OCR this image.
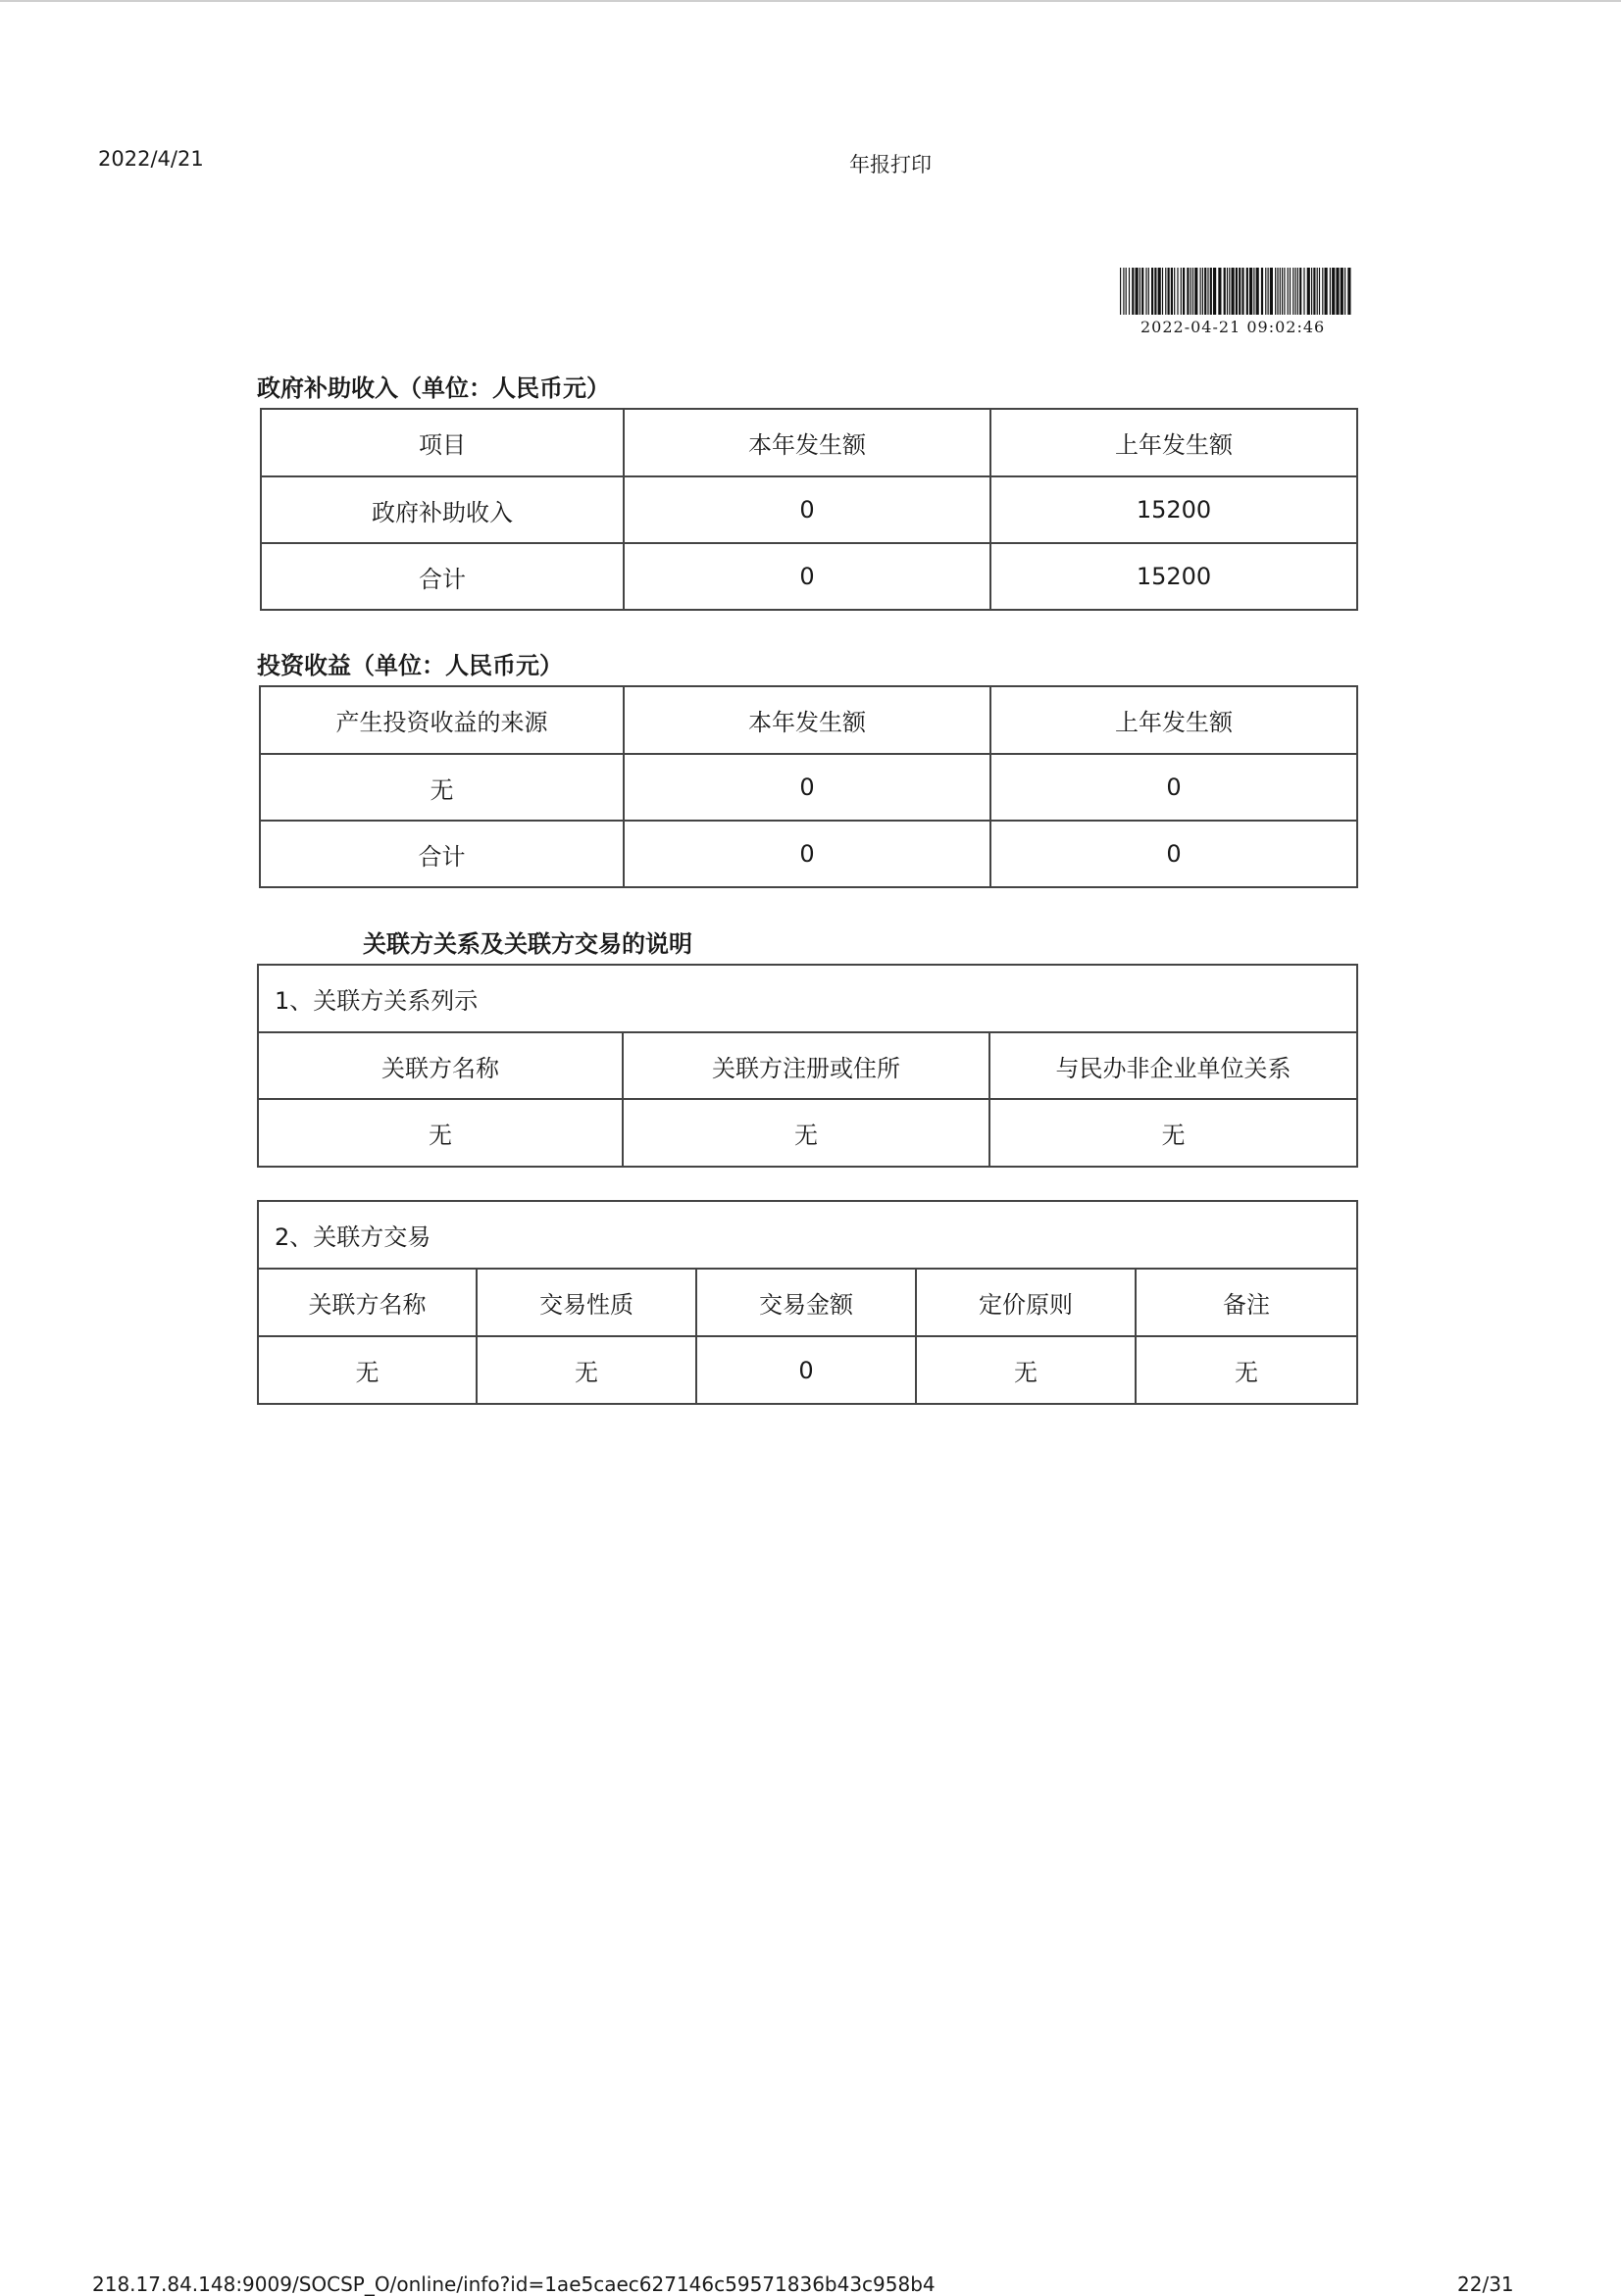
2022/4/21	年报打印
2022-04-21 09:02:46
政府补助收入（单位：人民币元）
项目	本年发生额	上年发生额
政府补助收入	0	15200
合计	0	15200
投资收益（单位：人民币元）
产生投资收益的来源	本年发生额	上年发生额
无	0	0
合计	0	0
关联方关系及关联方交易的说明
1、关联方关系列示		
关联方名称	关联方注册或住所	与民办非企业单位关系
无	无	无
2、关联方交易				
关联方名称	交易性质	交易金额	定价原则	备注
无	无	0	无	无
218.17.84.148:9009/SOCSP_O/online/info?id=1ae5caec627146c59571836b43c958b4	22/31
